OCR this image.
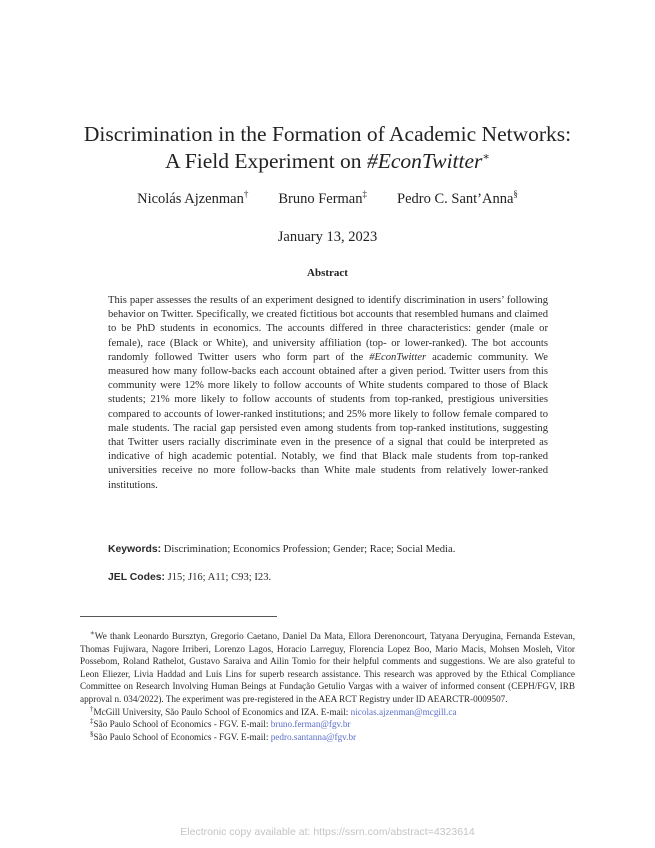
Discrimination in the Formation of Academic Networks:
A Field Experiment on #EconTwitter∗
Nicolás Ajzenman† Bruno Ferman‡ Pedro C. Sant’Anna§
January 13, 2023
Abstract

This paper assesses the results of an experiment designed to identify discrimination in users’ following behavior on Twitter. Specifically, we created fictitious bot accounts that resembled humans and claimed to be PhD students in economics. The accounts differed in three characteristics: gender (male or female), race (Black or White), and university affiliation (top- or lower-ranked). The bot accounts randomly followed Twitter users who form part of the #EconTwitter academic community. We measured how many follow-backs each account obtained after a given period. Twitter users from this community were 12% more likely to follow accounts of White students compared to those of Black students; 21% more likely to follow accounts of students from top-ranked, prestigious universities compared to accounts of lower-ranked institutions; and 25% more likely to follow female compared to male students. The racial gap persisted even among students from top-ranked institutions, suggesting that Twitter users racially discriminate even in the presence of a signal that could be interpreted as indicative of high academic potential. Notably, we find that Black male students from top-ranked universities receive no more follow-backs than White male students from relatively lower-ranked institutions.

Keywords: Discrimination; Economics Profession; Gender; Race; Social Media.
JEL Codes: J15; J16; A11; C93; I23.

∗We thank Leonardo Bursztyn, Gregorio Caetano, Daniel Da Mata, Ellora Derenoncourt, Tatyana Deryugina, Fernanda Estevan, Thomas Fujiwara, Nagore Irriberi, Lorenzo Lagos, Horacio Larreguy, Florencia Lopez Boo, Mario Macis, Mohsen Mosleh, Vitor Possebom, Roland Rathelot, Gustavo Saraiva and Ailin Tomio for their helpful comments and suggestions. We are also grateful to Leon Eliezer, Livia Haddad and Luís Lins for superb research assistance. This research was approved by the Ethical Compliance Committee on Research Involving Human Beings at Fundação Getulio Vargas with a waiver of informed consent (CEPH/FGV, IRB approval n. 034/2022). The experiment was pre-registered in the AEA RCT Registry under ID AEARCTR-0009507.

†McGill University, São Paulo School of Economics and IZA. E-mail: nicolas.ajzenman@mcgill.ca

‡São Paulo School of Economics - FGV. E-mail: bruno.ferman@fgv.br

§São Paulo School of Economics - FGV. E-mail: pedro.santanna@fgv.br

Electronic copy available at: https://ssrn.com/abstract=4323614
